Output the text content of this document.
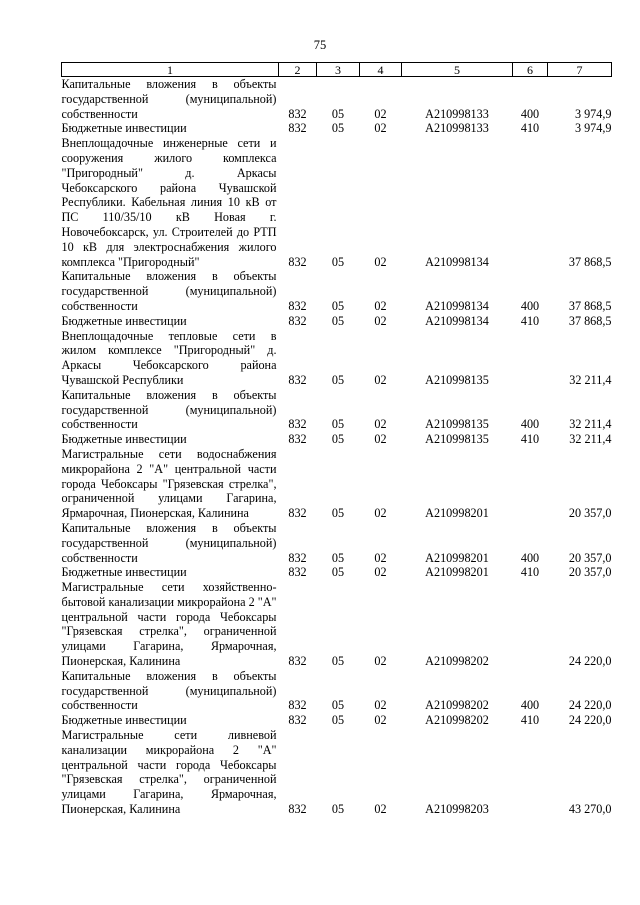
75
1	2	3	4	5	6	7
Капитальные вложения в объекты государственной (муниципальной) собственности	832	05	02	А210998133	400	3 974,9
Бюджетные инвестиции	832	05	02	А210998133	410	3 974,9
Внеплощадочные инженерные сети и сооружения жилого комплекса "Пригородный" д. Аркасы Чебоксарского района Чувашской Республики. Кабельная линия 10 кВ от ПС 110/35/10 кВ Новая г. Новочебоксарск, ул. Строителей до РТП 10 кВ для электроснабжения жилого комплекса "Пригородный"	832	05	02	А210998134		37 868,5
Капитальные вложения в объекты государственной (муниципальной) собственности	832	05	02	А210998134	400	37 868,5
Бюджетные инвестиции	832	05	02	А210998134	410	37 868,5
Внеплощадочные тепловые сети в жилом комплексе "Пригородный" д. Аркасы Чебоксарского района Чувашской Республики	832	05	02	А210998135		32 211,4
Капитальные вложения в объекты государственной (муниципальной) собственности	832	05	02	А210998135	400	32 211,4
Бюджетные инвестиции	832	05	02	А210998135	410	32 211,4
Магистральные сети водоснабжения микрорайона 2 "А" центральной части города Чебоксары "Грязевская стрелка", ограниченной улицами Гагарина, Ярмарочная, Пионерская, Калинина	832	05	02	А210998201		20 357,0
Капитальные вложения в объекты государственной (муниципальной) собственности	832	05	02	А210998201	400	20 357,0
Бюджетные инвестиции	832	05	02	А210998201	410	20 357,0
Магистральные сети хозяйственно-бытовой канализации микрорайона 2 "А" центральной части города Чебоксары "Грязевская стрелка", ограниченной улицами Гагарина, Ярмарочная, Пионерская, Калинина	832	05	02	А210998202		24 220,0
Капитальные вложения в объекты государственной (муниципальной) собственности	832	05	02	А210998202	400	24 220,0
Бюджетные инвестиции	832	05	02	А210998202	410	24 220,0
Магистральные сети ливневой канализации микрорайона 2 "А" центральной части города Чебоксары "Грязевская стрелка", ограниченной улицами Гагарина, Ярмарочная, Пионерская, Калинина	832	05	02	А210998203		43 270,0
